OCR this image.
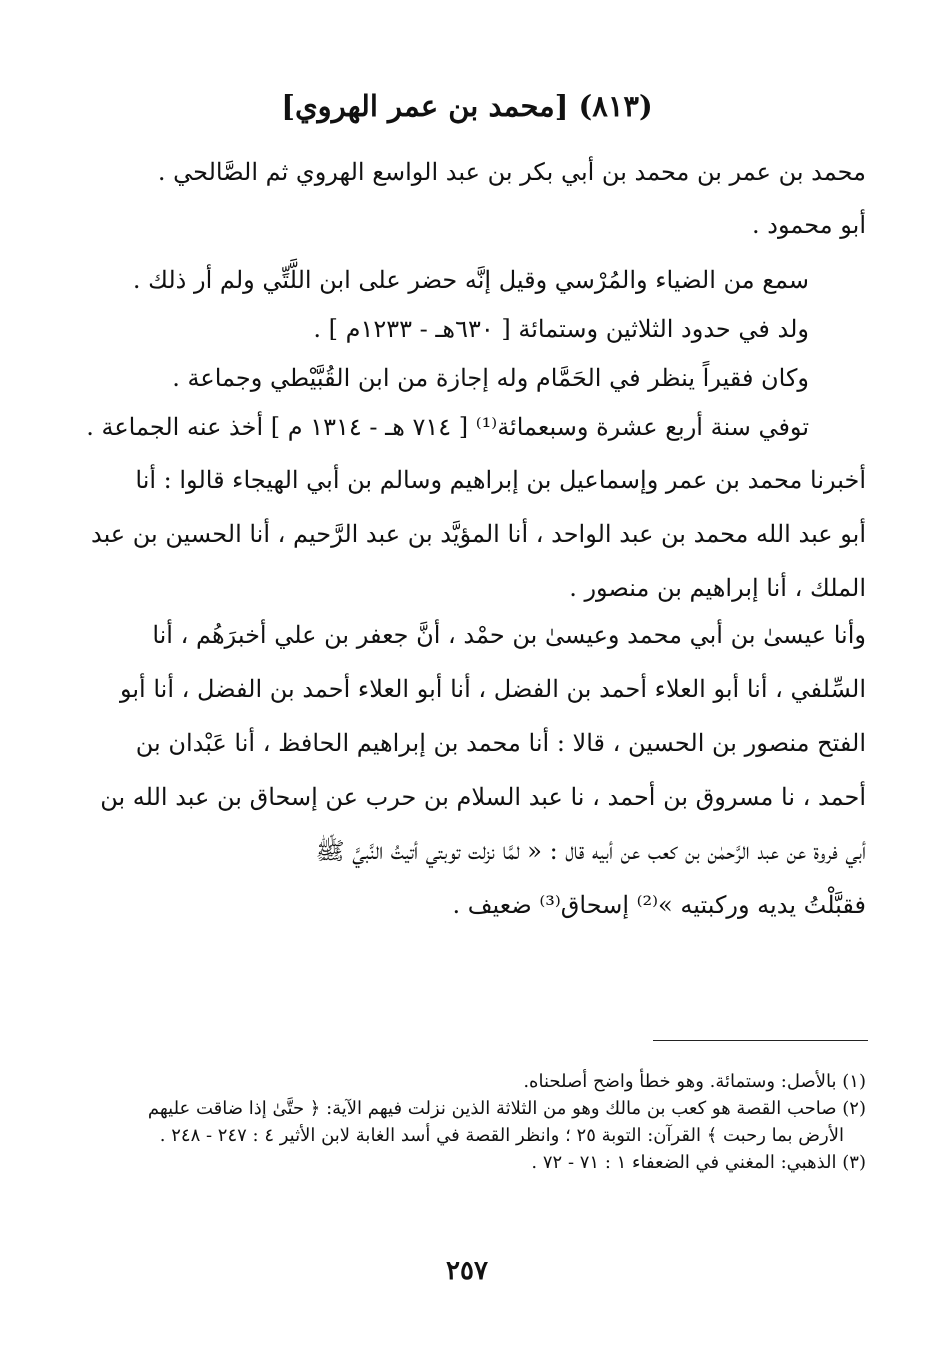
(٨١٣) [محمد بن عمر الهروي]
محمد بن عمر بن محمد بن أبي بكر بن عبد الواسع الهروي ثم الصَّالحي .
أبو محمود .
سمع من الضياء والمُرْسي وقيل إنَّه حضر على ابن اللَّتِّي ولم أر ذلك .
ولد في حدود الثلاثين وستمائة [ ٦٣٠هـ - ١٢٣٣م ] .
وكان فقيراً ينظر في الحَمَّام وله إجازة من ابن القُبَّيْطي وجماعة .
توفي سنة أربع عشرة وسبعمائة⁽¹⁾ [ ٧١٤ هـ - ١٣١٤ م ] أخذ عنه الجماعة .
أخبرنا محمد بن عمر وإسماعيل بن إبراهيم وسالم بن أبي الهيجاء قالوا : أنا
أبو عبد الله محمد بن عبد الواحد ، أنا المؤيَّد بن عبد الرَّحيم ، أنا الحسين بن عبد
الملك ، أنا إبراهيم بن منصور .
وأنا عيسىٰ بن أبي محمد وعيسىٰ بن حمْد ، أنَّ جعفر بن علي أخبرَهُم ، أنا
السِّلفي ، أنا أبو العلاء أحمد بن الفضل ، أنا أبو العلاء أحمد بن الفضل ، أنا أبو
الفتح منصور بن الحسين ، قالا : أنا محمد بن إبراهيم الحافظ ، أنا عَبْدان بن
أحمد ، نا مسروق بن أحمد ، نا عبد السلام بن حرب عن إسحاق بن عبد الله بن
أبي فروة عن عبد الرَّحمٰن بن كعب عن أبيه قال : « لمَّا نزلت توبتي أتيتُ النَّبيَّ ﷺ
فقبَّلْتُ يديه وركبتيه »⁽²⁾ إسحاق⁽³⁾ ضعيف .
(١) بالأصل: وستمائة. وهو خطأ واضح أصلحناه.
(٢) صاحب القصة هو كعب بن مالك وهو من الثلاثة الذين نزلت فيهم الآية: ﴿ حتَّىٰ إذا ضاقت عليهم
الأرض بما رحبت ﴾ القرآن: التوبة ٢٥ ؛ وانظر القصة في أسد الغابة لابن الأثير ٤ : ٢٤٧ - ٢٤٨ .
(٣) الذهبي: المغني في الضعفاء ١ : ٧١ - ٧٢ .
٢٥٧
